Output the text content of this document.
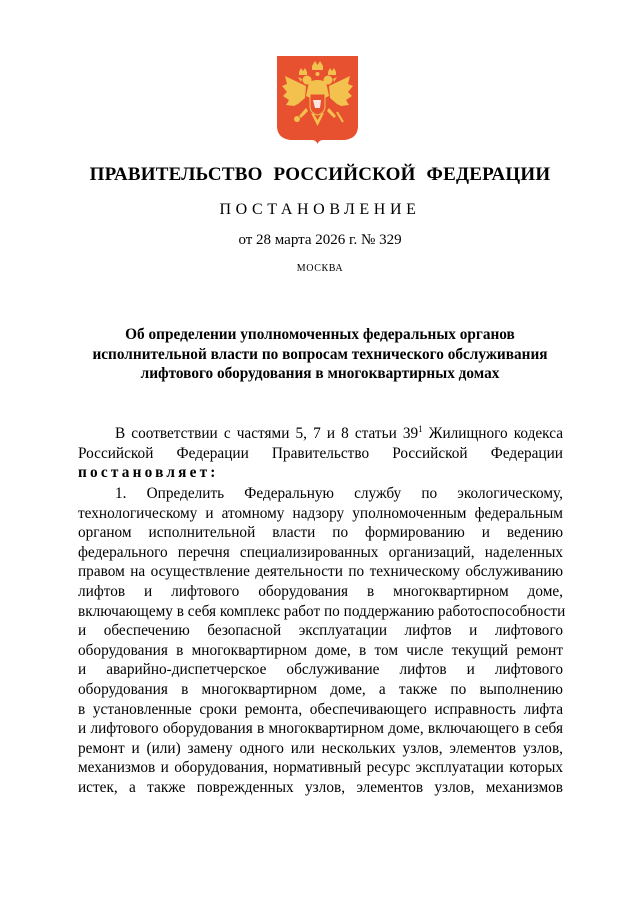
ПРАВИТЕЛЬСТВО РОССИЙСКОЙ ФЕДЕРАЦИИ
ПОСТАНОВЛЕНИЕ
от 28 марта 2026 г. № 329
МОСКВА
Об определении уполномоченных федеральных органов
исполнительной власти по вопросам технического обслуживания
лифтового оборудования в многоквартирных домах
В соответствии с частями 5, 7 и 8 статьи $39^1$ Жилищного кодекса
Российской Федерации Правительство Российской Федерации
постановляет:
1. Определить Федеральную службу по экологическому,
технологическому и атомному надзору уполномоченным федеральным
органом исполнительной власти по формированию и ведению
федерального перечня специализированных организаций, наделенных
правом на осуществление деятельности по техническому обслуживанию
лифтов и лифтового оборудования в многоквартирном доме,
включающему в себя комплекс работ по поддержанию работоспособности
и обеспечению безопасной эксплуатации лифтов и лифтового
оборудования в многоквартирном доме, в том числе текущий ремонт
и аварийно-диспетчерское обслуживание лифтов и лифтового
оборудования в многоквартирном доме, а также по выполнению
в установленные сроки ремонта, обеспечивающего исправность лифта
и лифтового оборудования в многоквартирном доме, включающего в себя
ремонт и (или) замену одного или нескольких узлов, элементов узлов,
механизмов и оборудования, нормативный ресурс эксплуатации которых
истек, а также поврежденных узлов, элементов узлов, механизмов
